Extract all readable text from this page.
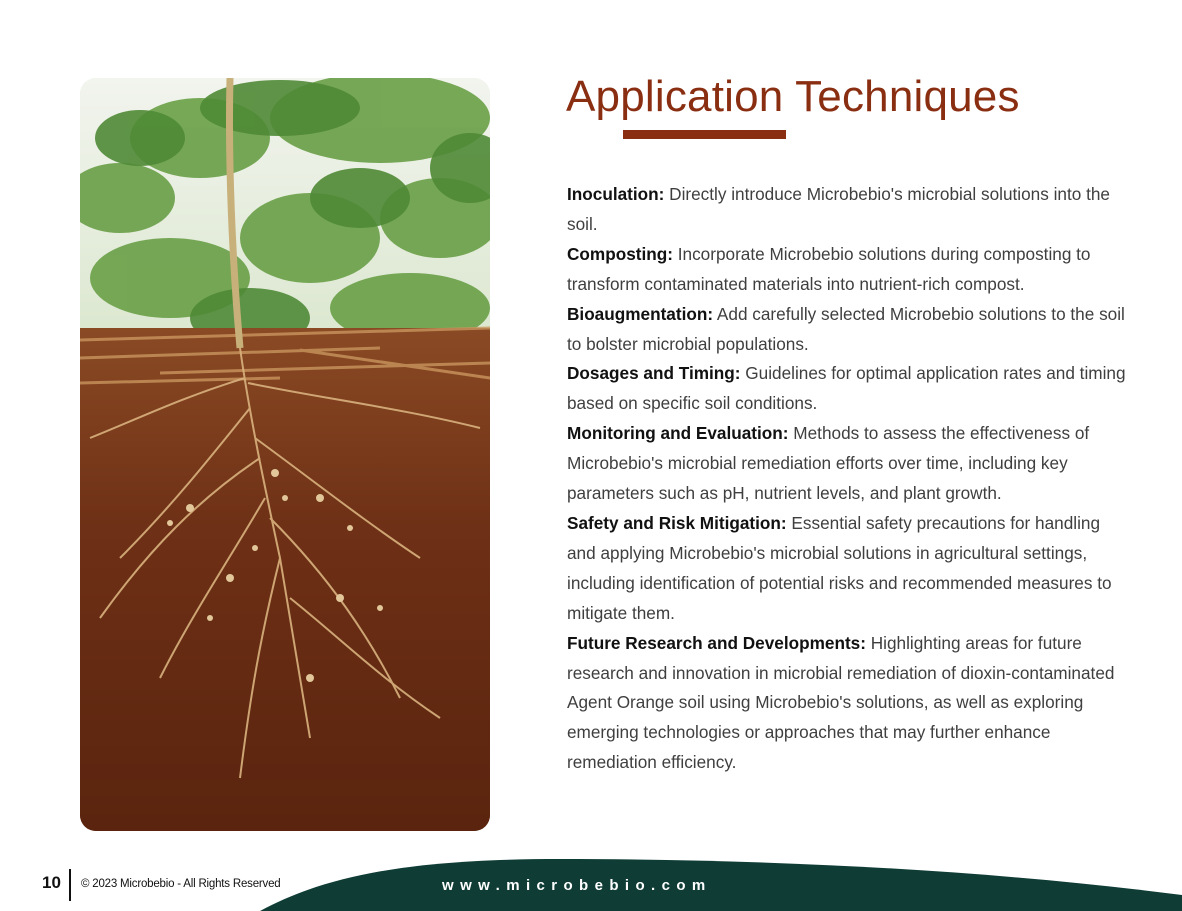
Application Techniques

Inoculation: Directly introduce Microbebio's microbial solutions into the soil.

Composting: Incorporate Microbebio solutions during composting to transform contaminated materials into nutrient-rich compost.

Bioaugmentation: Add carefully selected Microbebio solutions to the soil to bolster microbial populations.

Dosages and Timing: Guidelines for optimal application rates and timing based on specific soil conditions.

Monitoring and Evaluation: Methods to assess the effectiveness of Microbebio's microbial remediation efforts over time, including key parameters such as pH, nutrient levels, and plant growth.

Safety and Risk Mitigation: Essential safety precautions for handling and applying Microbebio's microbial solutions in agricultural settings, including identification of potential risks and recommended measures to mitigate them.

Future Research and Developments: Highlighting areas for future research and innovation in microbial remediation of dioxin-contaminated Agent Orange soil using Microbebio's solutions, as well as exploring emerging technologies or approaches that may further enhance remediation efficiency.

10 © 2023 Microbebio - All Rights Reserved	www.microbebio.com
